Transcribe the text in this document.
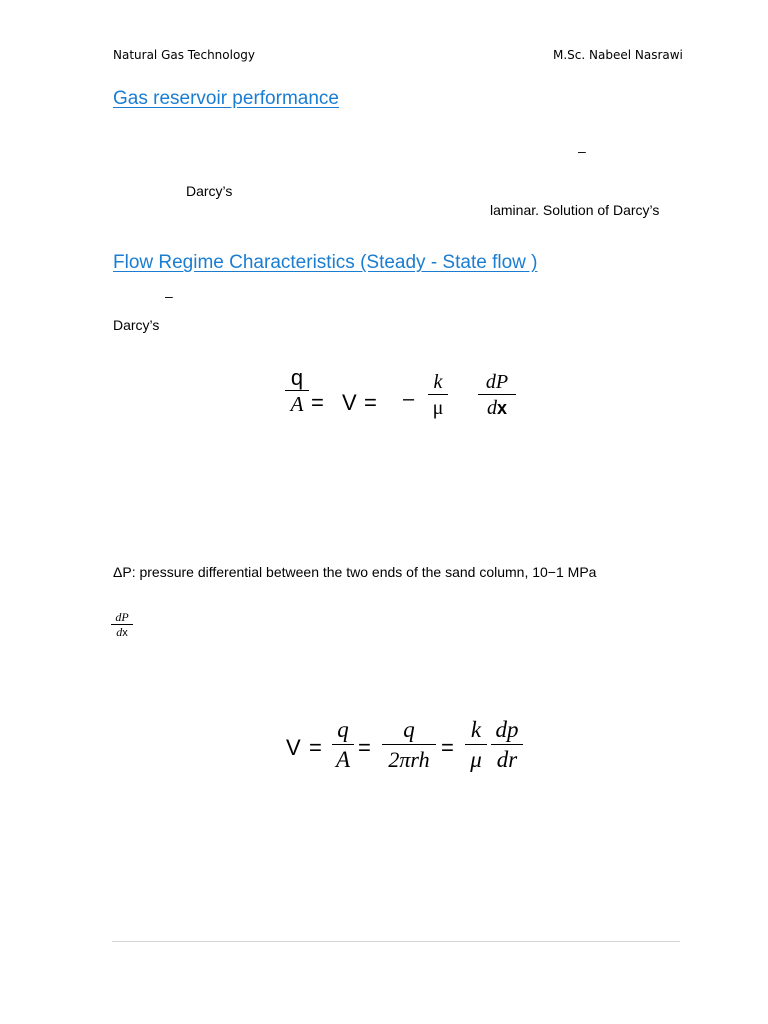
Natural Gas Technology	M.Sc. Nabeel Nasrawi
Gas reservoir performance
–
Darcy’s
laminar. Solution of Darcy’s
Flow Regime Characteristics (Steady - State flow )
–
Darcy’s
q
A = V = –
k
μ
dP
dx
ΔP: pressure differential between the two ends of the sand column, 10−1 MPa
dP
dx
V =
q
A =
q
2πrh =
k
μ
dp
dr
